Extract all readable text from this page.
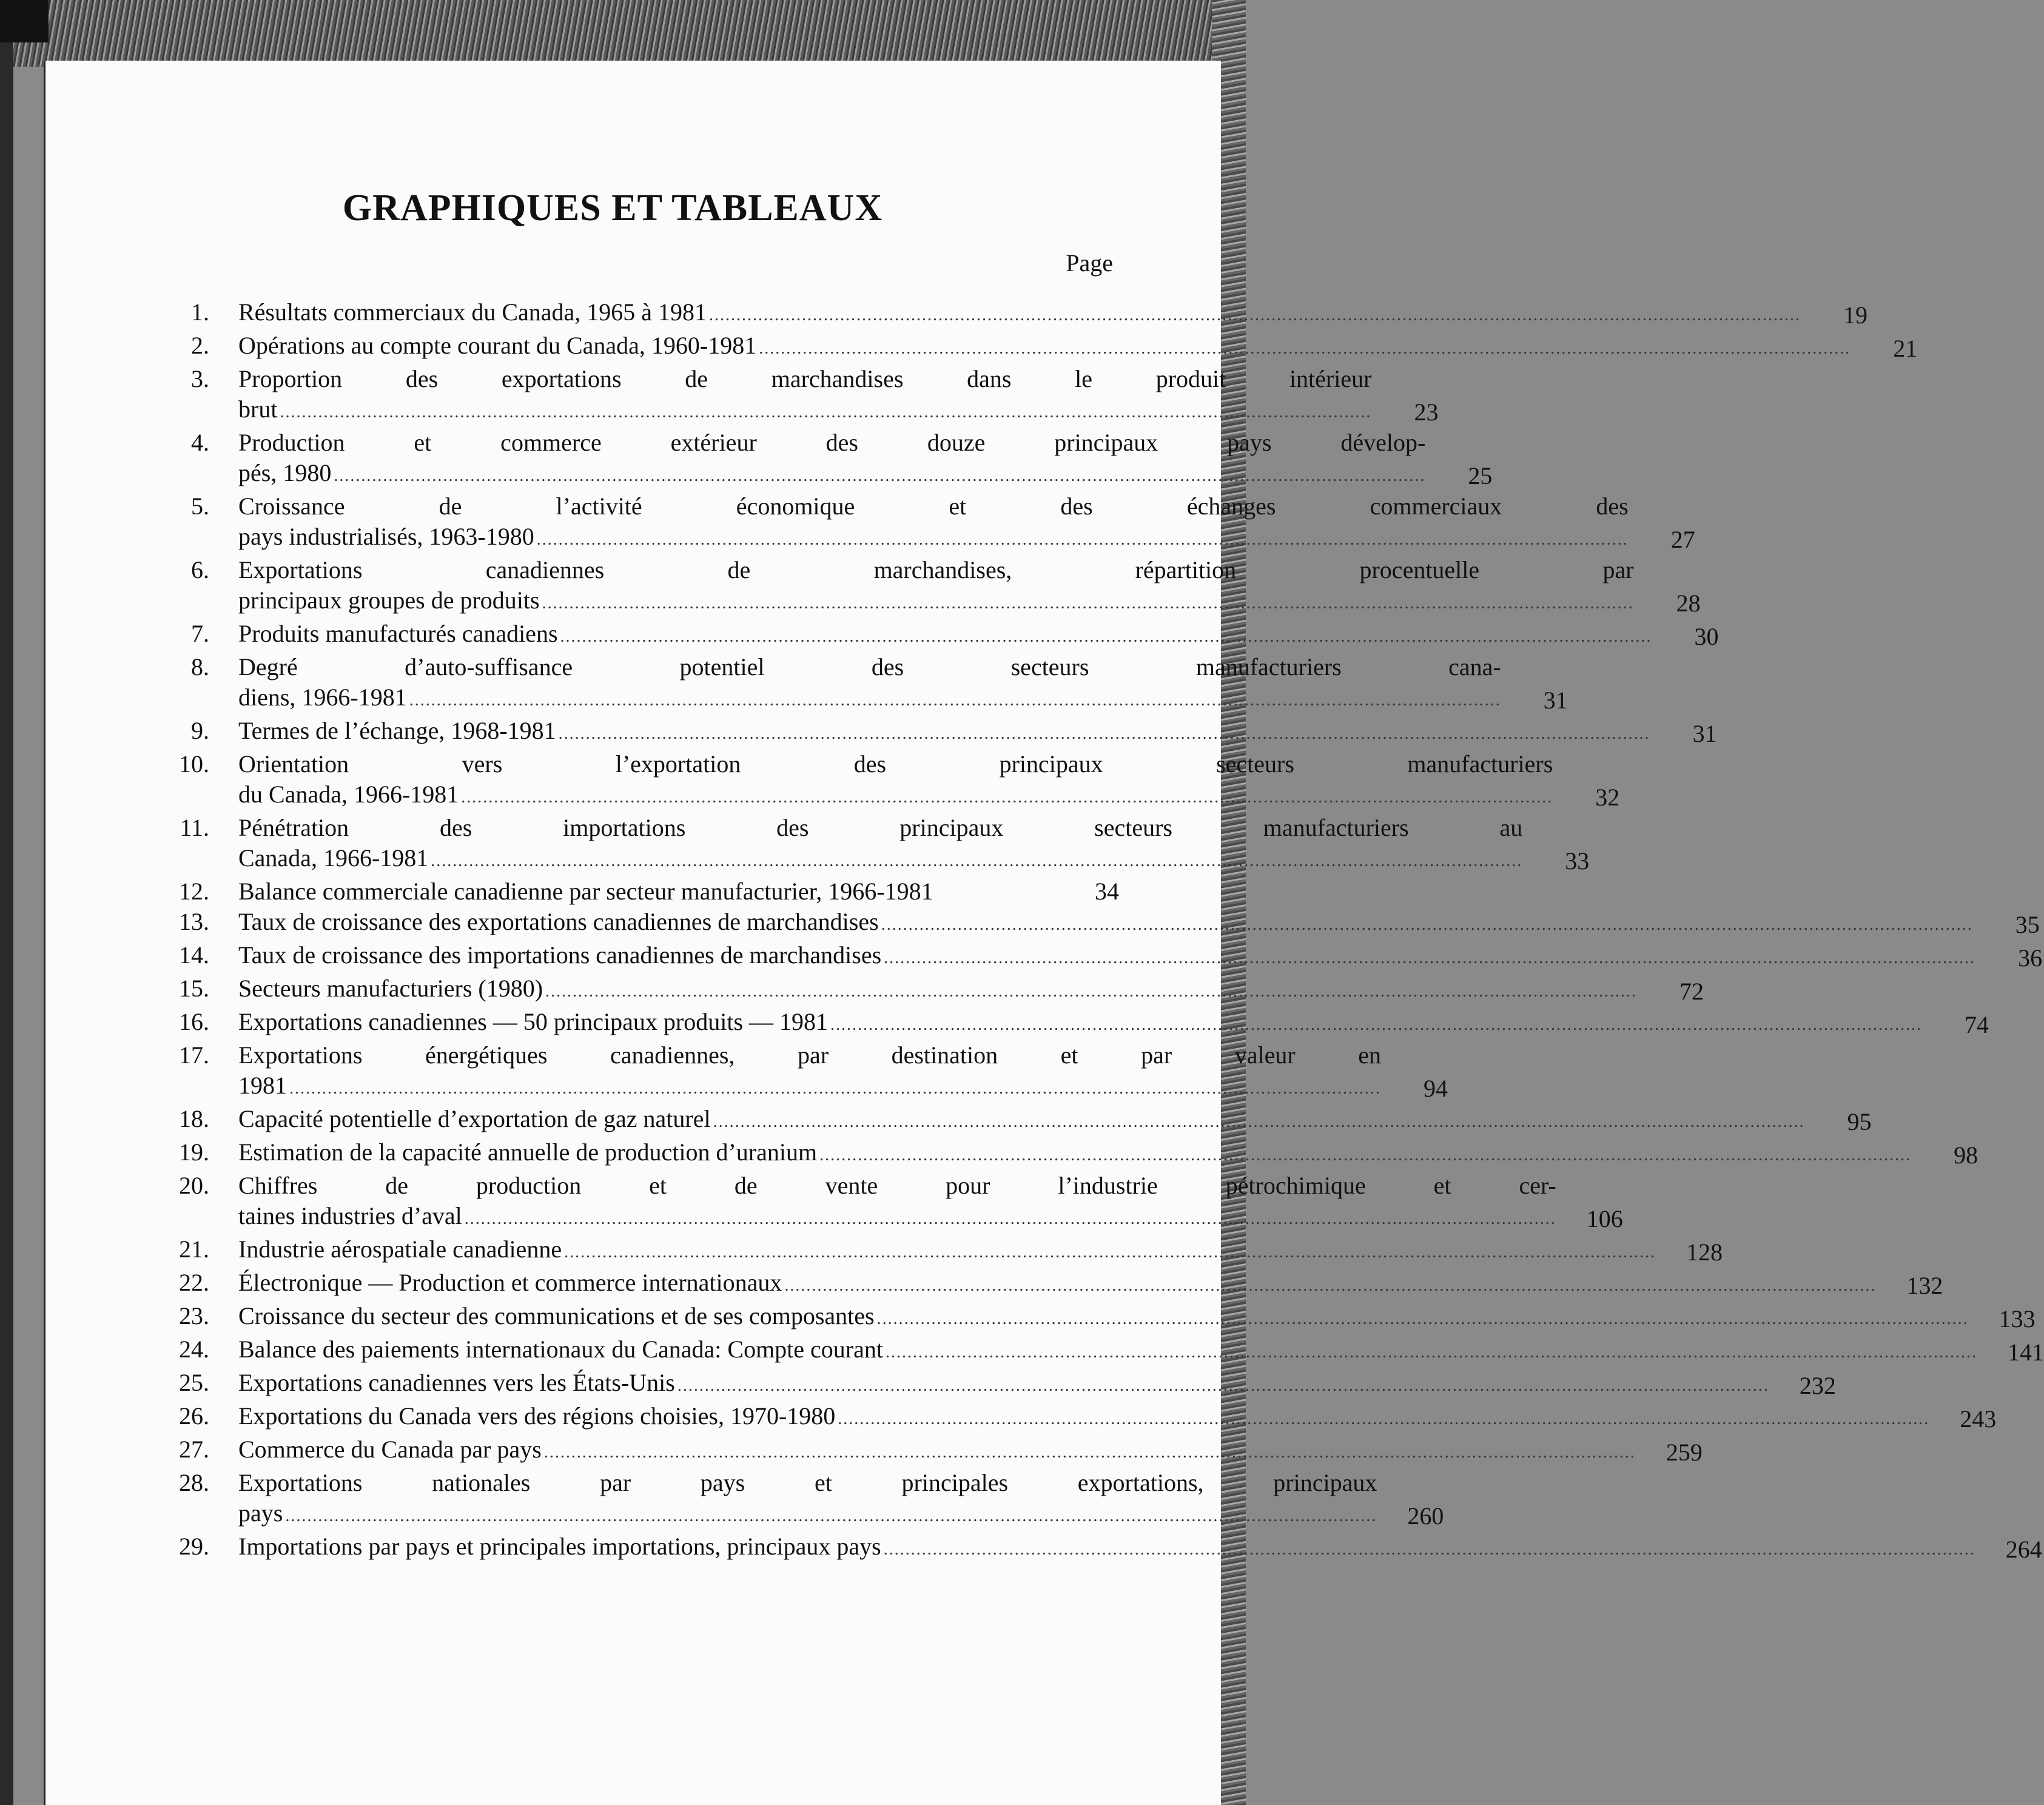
GRAPHIQUES ET TABLEAUX
Page
1. Résultats commerciaux du Canada, 1965 à 1981 ........................................................................................................................................................................................................	19
2. Opérations au compte courant du Canada, 1960-1981 ........................................................................................................................................................................................................	21
3. Proportion des exportations de marchandises dans le produit intérieur
brut ........................................................................................................................................................................................................	23
4. Production et commerce extérieur des douze principaux pays dévelop-
pés, 1980 ........................................................................................................................................................................................................	25
5. Croissance de l’activité économique et des échanges commerciaux des
pays industrialisés, 1963-1980 ........................................................................................................................................................................................................	27
6. Exportations canadiennes de marchandises, répartition procentuelle par
principaux groupes de produits ........................................................................................................................................................................................................	28
7. Produits manufacturés canadiens ........................................................................................................................................................................................................	30
8. Degré d’auto-suffisance potentiel des secteurs manufacturiers cana-
diens, 1966-1981 ........................................................................................................................................................................................................	31
9. Termes de l’échange, 1968-1981 ........................................................................................................................................................................................................	31
10. Orientation vers l’exportation des principaux secteurs manufacturiers
du Canada, 1966-1981 ........................................................................................................................................................................................................	32
11. Pénétration des importations des principaux secteurs manufacturiers au
Canada, 1966-1981 ........................................................................................................................................................................................................	33
12. Balance commerciale canadienne par secteur manufacturier, 1966-1981	34
13. Taux de croissance des exportations canadiennes de marchandises ........................................................................................................................................................................................................	35
14. Taux de croissance des importations canadiennes de marchandises ........................................................................................................................................................................................................	36
15. Secteurs manufacturiers (1980) ........................................................................................................................................................................................................	72
16. Exportations canadiennes — 50 principaux produits — 1981 ........................................................................................................................................................................................................	74
17. Exportations énergétiques canadiennes, par destination et par valeur en
1981 ........................................................................................................................................................................................................	94
18. Capacité potentielle d’exportation de gaz naturel ........................................................................................................................................................................................................	95
19. Estimation de la capacité annuelle de production d’uranium ........................................................................................................................................................................................................	98
20. Chiffres de production et de vente pour l’industrie pétrochimique et cer-
taines industries d’aval ........................................................................................................................................................................................................	106
21. Industrie aérospatiale canadienne ........................................................................................................................................................................................................	128
22. Électronique — Production et commerce internationaux ........................................................................................................................................................................................................	132
23. Croissance du secteur des communications et de ses composantes ........................................................................................................................................................................................................	133
24. Balance des paiements internationaux du Canada: Compte courant ........................................................................................................................................................................................................	141
25. Exportations canadiennes vers les États-Unis ........................................................................................................................................................................................................	232
26. Exportations du Canada vers des régions choisies, 1970-1980 ........................................................................................................................................................................................................	243
27. Commerce du Canada par pays ........................................................................................................................................................................................................	259
28. Exportations nationales par pays et principales exportations, principaux
pays ........................................................................................................................................................................................................	260
29. Importations par pays et principales importations, principaux pays ........................................................................................................................................................................................................	264
